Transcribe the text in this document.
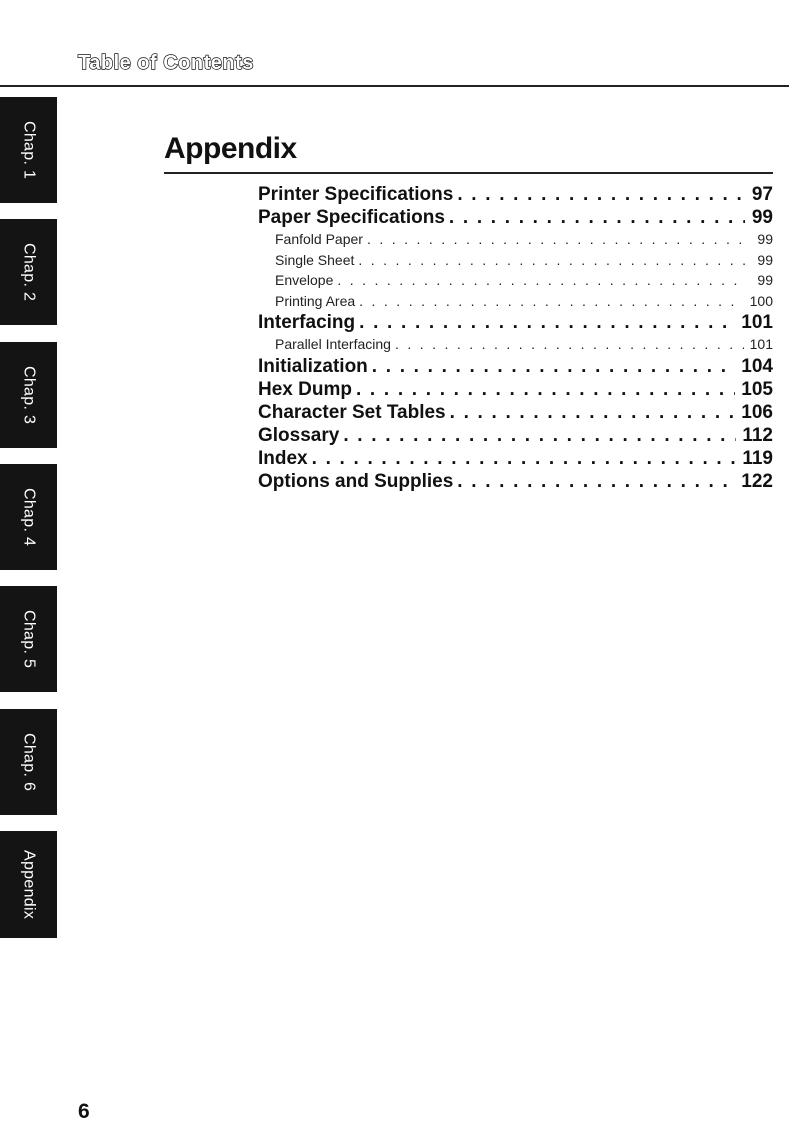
Table of Contents
Chap. 1
Chap. 2
Chap. 3
Chap. 4
Chap. 5
Chap. 6
Appendix
Appendix
Printer Specifications . . .	97
Paper Specifications . . .	99
Fanfold Paper . . .	99
Single Sheet . . .	99
Envelope . . .	99
Printing Area . . .	100
Interfacing . . .	101
Parallel Interfacing . . .	101
Initialization . . .	104
Hex Dump . . .	105
Character Set Tables . . .	106
Glossary . . .	112
Index . . .	119
Options and Supplies . . .	122
6
